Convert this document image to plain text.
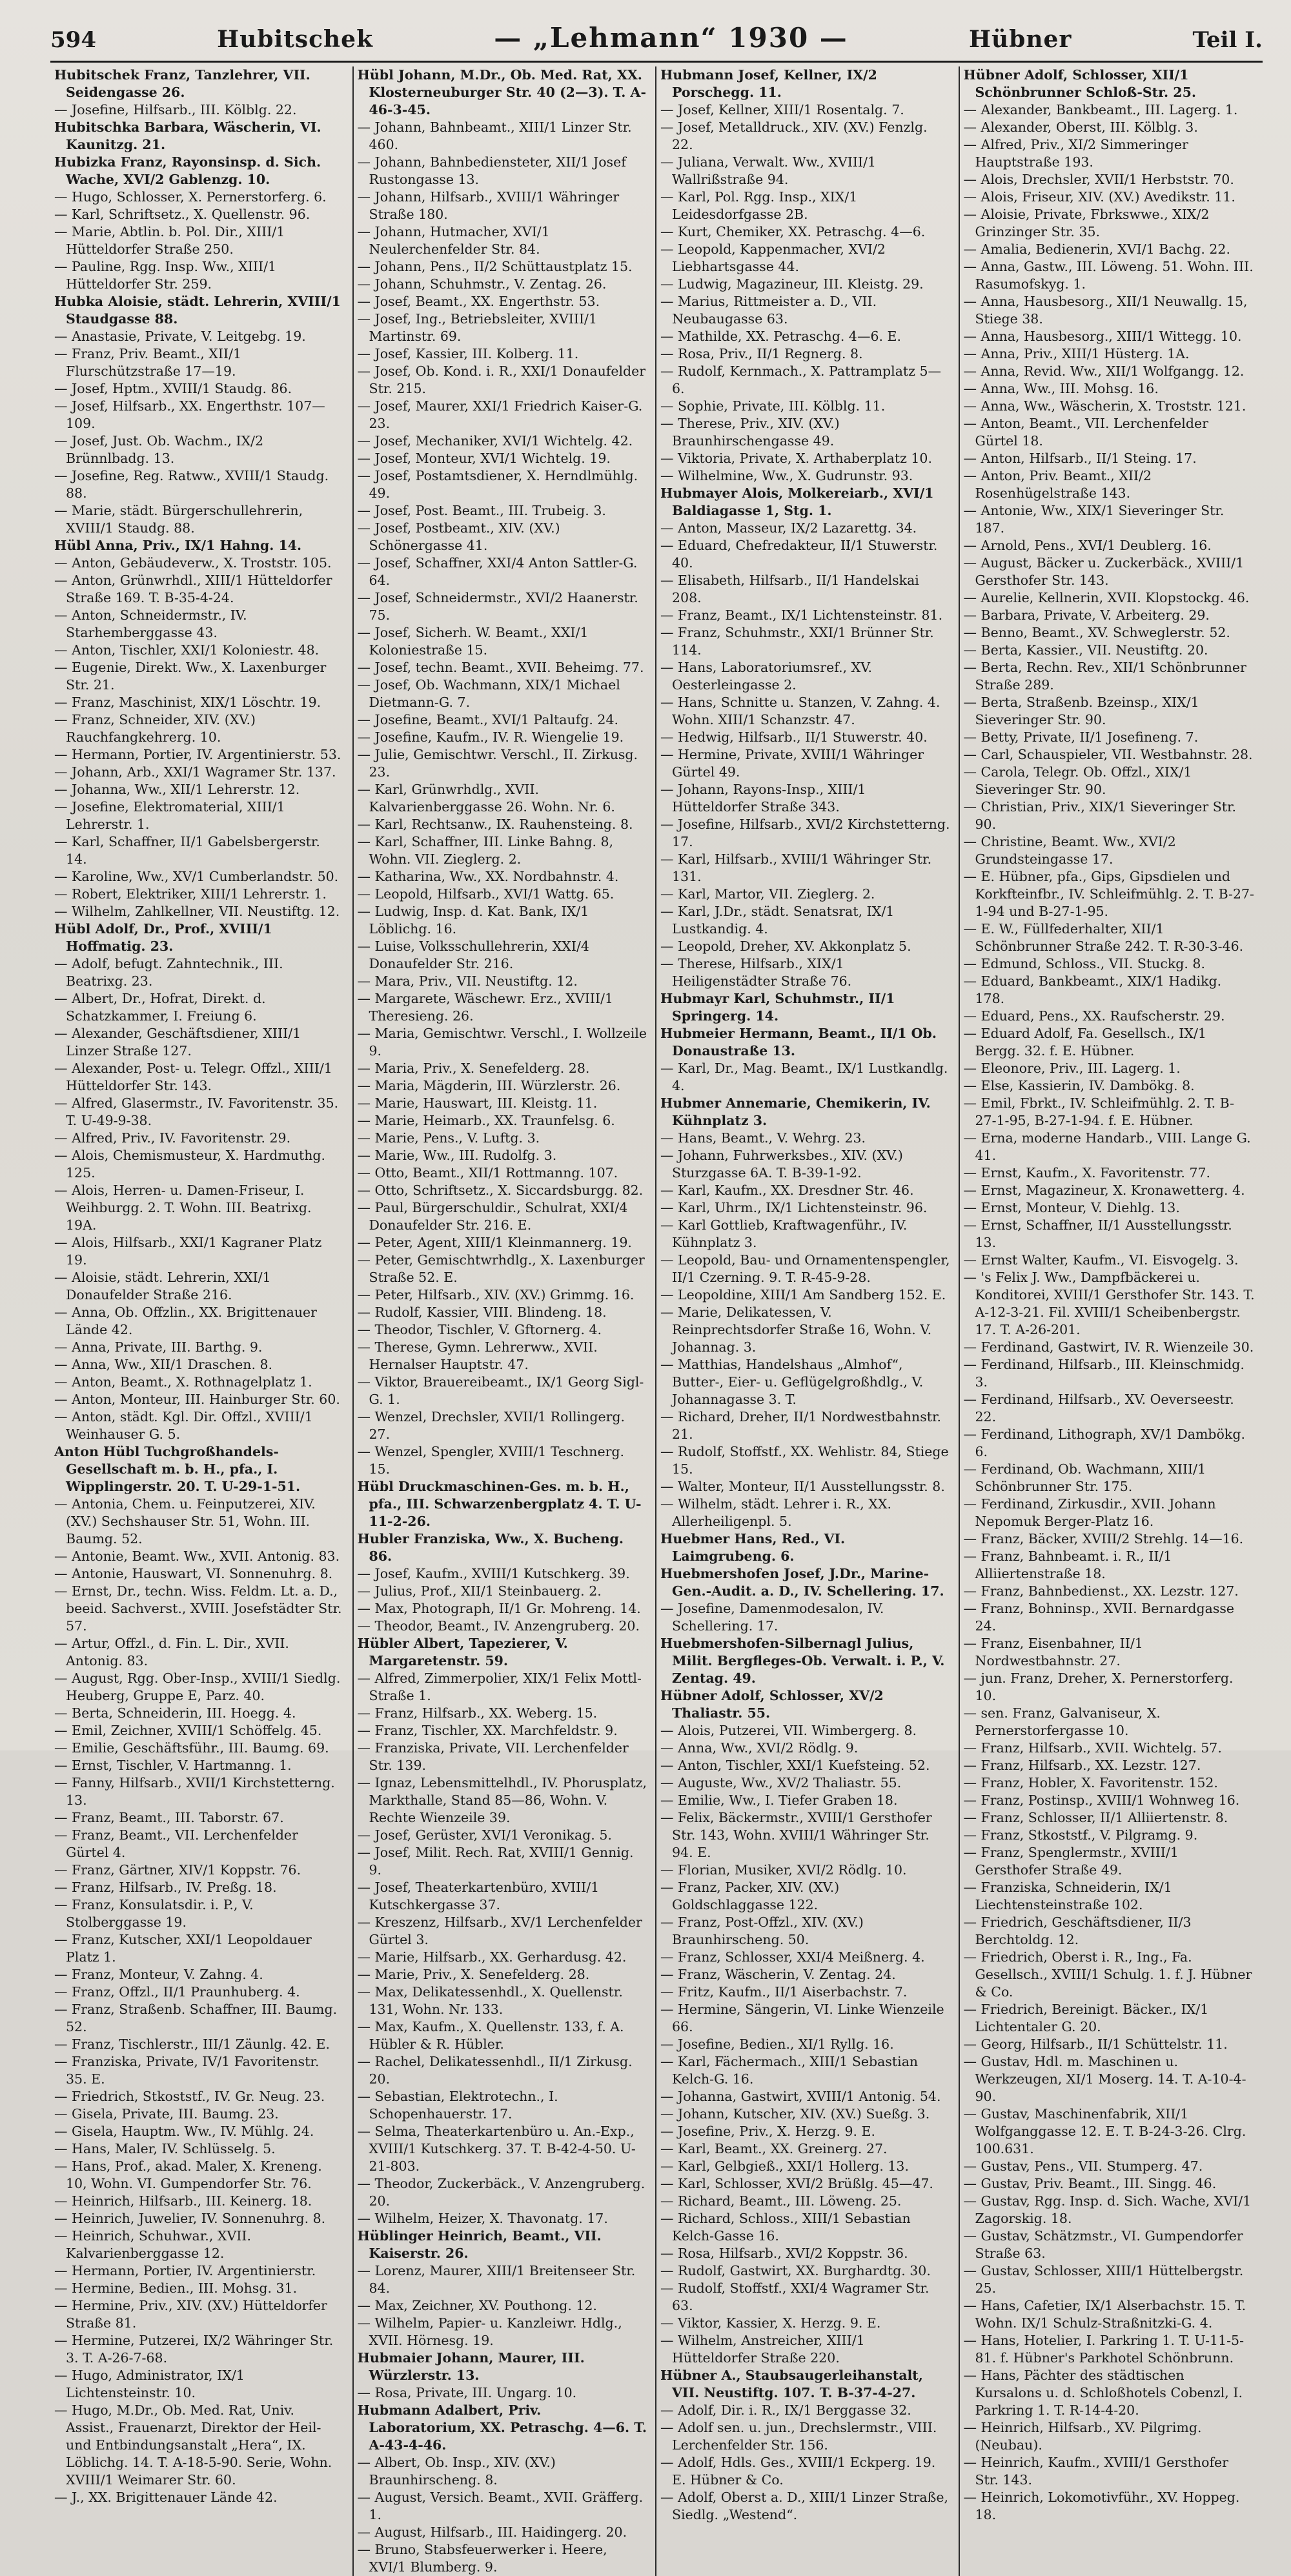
594	Hubitschek	— „Lehmann“ 1930 —	Hübner	Teil I.

Hubitschek Franz, Tanzlehrer, VII. Seidengasse 26.

— Josefine, Hilfsarb., III. Kölblg. 22.

Hubitschka Barbara, Wäscherin, VI. Kaunitzg. 21.

Hubizka Franz, Rayonsinsp. d. Sich. Wache, XVI/2 Gablenzg. 10.

— Hugo, Schlosser, X. Pernerstorferg. 6.

— Karl, Schriftsetz., X. Quellenstr. 96.

— Marie, Abtlin. b. Pol. Dir., XIII/1 Hütteldorfer Straße 250.

— Pauline, Rgg. Insp. Ww., XIII/1 Hütteldorfer Str. 259.

Hubka Aloisie, städt. Lehrerin, XVIII/1 Staudgasse 88.

— Anastasie, Private, V. Leitgebg. 19.

— Franz, Priv. Beamt., XII/1 Flurschützstraße 17—19.

— Josef, Hptm., XVIII/1 Staudg. 86.

— Josef, Hilfsarb., XX. Engerthstr. 107—109.

— Josef, Just. Ob. Wachm., IX/2 Brünnlbadg. 13.

— Josefine, Reg. Ratww., XVIII/1 Staudg. 88.

— Marie, städt. Bürgerschullehrerin, XVIII/1 Staudg. 88.

Hübl Anna, Priv., IX/1 Hahng. 14.

— Anton, Gebäudeverw., X. Troststr. 105.

— Anton, Grünwrhdl., XIII/1 Hütteldorfer Straße 169. T. B-35-4-24.

— Anton, Schneidermstr., IV. Starhemberggasse 43.

— Anton, Tischler, XXI/1 Koloniestr. 48.

— Eugenie, Direkt. Ww., X. Laxenburger Str. 21.

— Franz, Maschinist, XIX/1 Löschtr. 19.

— Franz, Schneider, XIV. (XV.) Rauchfangkehrerg. 10.

— Hermann, Portier, IV. Argentinierstr. 53.

— Johann, Arb., XXI/1 Wagramer Str. 137.

— Johanna, Ww., XII/1 Lehrerstr. 12.

— Josefine, Elektromaterial, XIII/1 Lehrerstr. 1.

— Karl, Schaffner, II/1 Gabelsbergerstr. 14.

— Karoline, Ww., XV/1 Cumberlandstr. 50.

— Robert, Elektriker, XIII/1 Lehrerstr. 1.

— Wilhelm, Zahlkellner, VII. Neustiftg. 12.

Hübl Adolf, Dr., Prof., XVIII/1 Hoffmatig. 23.

— Adolf, befugt. Zahntechnik., III. Beatrixg. 23.

— Albert, Dr., Hofrat, Direkt. d. Schatzkammer, I. Freiung 6.

— Alexander, Geschäftsdiener, XIII/1 Linzer Straße 127.

— Alexander, Post- u. Telegr. Offzl., XIII/1 Hütteldorfer Str. 143.

— Alfred, Glasermstr., IV. Favoritenstr. 35. T. U-49-9-38.

— Alfred, Priv., IV. Favoritenstr. 29.

— Alois, Chemismusteur, X. Hardmuthg. 125.

— Alois, Herren- u. Damen-Friseur, I. Weihburgg. 2. T. Wohn. III. Beatrixg. 19A.

— Alois, Hilfsarb., XXI/1 Kagraner Platz 19.

— Aloisie, städt. Lehrerin, XXI/1 Donaufelder Straße 216.

— Anna, Ob. Offzlin., XX. Brigittenauer Lände 42.

— Anna, Private, III. Barthg. 9.

— Anna, Ww., XII/1 Draschen. 8.

— Anton, Beamt., X. Rothnagelplatz 1.

— Anton, Monteur, III. Hainburger Str. 60.

— Anton, städt. Kgl. Dir. Offzl., XVIII/1 Weinhauser G. 5.

Anton Hübl Tuchgroßhandels-Gesellschaft m. b. H., pfa., I. Wipplingerstr. 20. T. U-29-1-51.

— Antonia, Chem. u. Feinputzerei, XIV. (XV.) Sechshauser Str. 51, Wohn. III. Baumg. 52.

— Antonie, Beamt. Ww., XVII. Antonig. 83.

— Antonie, Hauswart, VI. Sonnenuhrg. 8.

— Ernst, Dr., techn. Wiss. Feldm. Lt. a. D., beeid. Sachverst., XVIII. Josefstädter Str. 57.

— Artur, Offzl., d. Fin. L. Dir., XVII. Antonig. 83.

— August, Rgg. Ober-Insp., XVIII/1 Siedlg. Heuberg, Gruppe E, Parz. 40.

— Berta, Schneiderin, III. Hoegg. 4.

— Emil, Zeichner, XVIII/1 Schöffelg. 45.

— Emilie, Geschäftsführ., III. Baumg. 69.

— Ernst, Tischler, V. Hartmanng. 1.

— Fanny, Hilfsarb., XVII/1 Kirchstetterng. 13.

— Franz, Beamt., III. Taborstr. 67.

— Franz, Beamt., VII. Lerchenfelder Gürtel 4.

— Franz, Gärtner, XIV/1 Koppstr. 76.

— Franz, Hilfsarb., IV. Preßg. 18.

— Franz, Konsulatsdir. i. P., V. Stolberggasse 19.

— Franz, Kutscher, XXI/1 Leopoldauer Platz 1.

— Franz, Monteur, V. Zahng. 4.

— Franz, Offzl., II/1 Praunhuberg. 4.

— Franz, Straßenb. Schaffner, III. Baumg. 52.

— Franz, Tischlerstr., III/1 Zäunlg. 42. E.

— Franziska, Private, IV/1 Favoritenstr. 35. E.

— Friedrich, Stkoststf., IV. Gr. Neug. 23.

— Gisela, Private, III. Baumg. 23.

— Gisela, Hauptm. Ww., IV. Mühlg. 24.

— Hans, Maler, IV. Schlüsselg. 5.

— Hans, Prof., akad. Maler, X. Kreneng. 10, Wohn. VI. Gumpendorfer Str. 76.

— Heinrich, Hilfsarb., III. Keinerg. 18.

— Heinrich, Juwelier, IV. Sonnenuhrg. 8.

— Heinrich, Schuhwar., XVII. Kalvarienberggasse 12.

— Hermann, Portier, IV. Argentinierstr.

— Hermine, Bedien., III. Mohsg. 31.

— Hermine, Priv., XIV. (XV.) Hütteldorfer Straße 81.

— Hermine, Putzerei, IX/2 Währinger Str. 3. T. A-26-7-68.

— Hugo, Administrator, IX/1 Lichtensteinstr. 10.

— Hugo, M.Dr., Ob. Med. Rat, Univ. Assist., Frauenarzt, Direktor der Heil- und Entbindungsanstalt „Hera“, IX. Löblichg. 14. T. A-18-5-90. Serie, Wohn. XVIII/1 Weimarer Str. 60.

— J., XX. Brigittenauer Lände 42.

Hübl Johann, M.Dr., Ob. Med. Rat, XX. Klosterneuburger Str. 40 (2—3). T. A-46-3-45.

— Johann, Bahnbeamt., XIII/1 Linzer Str. 460.

— Johann, Bahnbediensteter, XII/1 Josef Rustongasse 13.

— Johann, Hilfsarb., XVIII/1 Währinger Straße 180.

— Johann, Hutmacher, XVI/1 Neulerchenfelder Str. 84.

— Johann, Pens., II/2 Schüttaustplatz 15.

— Johann, Schuhmstr., V. Zentag. 26.

— Josef, Beamt., XX. Engerthstr. 53.

— Josef, Ing., Betriebsleiter, XVIII/1 Martinstr. 69.

— Josef, Kassier, III. Kolberg. 11.

— Josef, Ob. Kond. i. R., XXI/1 Donaufelder Str. 215.

— Josef, Maurer, XXI/1 Friedrich Kaiser-G. 23.

— Josef, Mechaniker, XVI/1 Wichtelg. 42.

— Josef, Monteur, XVI/1 Wichtelg. 19.

— Josef, Postamtsdiener, X. Herndlmühlg. 49.

— Josef, Post. Beamt., III. Trubeig. 3.

— Josef, Postbeamt., XIV. (XV.) Schönergasse 41.

— Josef, Schaffner, XXI/4 Anton Sattler-G. 64.

— Josef, Schneidermstr., XVI/2 Haanerstr. 75.

— Josef, Sicherh. W. Beamt., XXI/1 Koloniestraße 15.

— Josef, techn. Beamt., XVII. Beheimg. 77.

— Josef, Ob. Wachmann, XIX/1 Michael Dietmann-G. 7.

— Josefine, Beamt., XVI/1 Paltaufg. 24.

— Josefine, Kaufm., IV. R. Wiengelie 19.

— Julie, Gemischtwr. Verschl., II. Zirkusg. 23.

— Karl, Grünwrhdlg., XVII. Kalvarienberggasse 26. Wohn. Nr. 6.

— Karl, Rechtsanw., IX. Rauhensteing. 8.

— Karl, Schaffner, III. Linke Bahng. 8, Wohn. VII. Zieglerg. 2.

— Katharina, Ww., XX. Nordbahnstr. 4.

— Leopold, Hilfsarb., XVI/1 Wattg. 65.

— Ludwig, Insp. d. Kat. Bank, IX/1 Löblichg. 16.

— Luise, Volksschullehrerin, XXI/4 Donaufelder Str. 216.

— Mara, Priv., VII. Neustiftg. 12.

— Margarete, Wäschewr. Erz., XVIII/1 Theresieng. 26.

— Maria, Gemischtwr. Verschl., I. Wollzeile 9.

— Maria, Priv., X. Senefelderg. 28.

— Maria, Mägderin, III. Würzlerstr. 26.

— Marie, Hauswart, III. Kleistg. 11.

— Marie, Heimarb., XX. Traunfelsg. 6.

— Marie, Pens., V. Luftg. 3.

— Marie, Ww., III. Rudolfg. 3.

— Otto, Beamt., XII/1 Rottmanng. 107.

— Otto, Schriftsetz., X. Siccardsburgg. 82.

— Paul, Bürgerschuldir., Schulrat, XXI/4 Donaufelder Str. 216. E.

— Peter, Agent, XIII/1 Kleinmannerg. 19.

— Peter, Gemischtwrhdlg., X. Laxenburger Straße 52. E.

— Peter, Hilfsarb., XIV. (XV.) Grimmg. 16.

— Rudolf, Kassier, VIII. Blindeng. 18.

— Theodor, Tischler, V. Gftornerg. 4.

— Therese, Gymn. Lehrerww., XVII. Hernalser Hauptstr. 47.

— Viktor, Brauereibeamt., IX/1 Georg Sigl-G. 1.

— Wenzel, Drechsler, XVII/1 Rollingerg. 27.

— Wenzel, Spengler, XVIII/1 Teschnerg. 15.

Hübl Druckmaschinen-Ges. m. b. H., pfa., III. Schwarzenbergplatz 4. T. U-11-2-26.

Hubler Franziska, Ww., X. Bucheng. 86.

— Josef, Kaufm., XVIII/1 Kutschkerg. 39.

— Julius, Prof., XII/1 Steinbauerg. 2.

— Max, Photograph, II/1 Gr. Mohreng. 14.

— Theodor, Beamt., IV. Anzengruberg. 20.

Hübler Albert, Tapezierer, V. Margaretenstr. 59.

— Alfred, Zimmerpolier, XIX/1 Felix Mottl-Straße 1.

— Franz, Hilfsarb., XX. Weberg. 15.

— Franz, Tischler, XX. Marchfeldstr. 9.

— Franziska, Private, VII. Lerchenfelder Str. 139.

— Ignaz, Lebensmittelhdl., IV. Phorusplatz, Markthalle, Stand 85—86, Wohn. V. Rechte Wienzeile 39.

— Josef, Gerüster, XVI/1 Veronikag. 5.

— Josef, Milit. Rech. Rat, XVIII/1 Gennig. 9.

— Josef, Theaterkartenbüro, XVIII/1 Kutschkergasse 37.

— Kreszenz, Hilfsarb., XV/1 Lerchenfelder Gürtel 3.

— Marie, Hilfsarb., XX. Gerhardusg. 42.

— Marie, Priv., X. Senefelderg. 28.

— Max, Delikatessenhdl., X. Quellenstr. 131, Wohn. Nr. 133.

— Max, Kaufm., X. Quellenstr. 133, f. A. Hübler & R. Hübler.

— Rachel, Delikatessenhdl., II/1 Zirkusg. 20.

— Sebastian, Elektrotechn., I. Schopenhauerstr. 17.

— Selma, Theaterkartenbüro u. An.-Exp., XVIII/1 Kutschkerg. 37. T. B-42-4-50. U-21-803.

— Theodor, Zuckerbäck., V. Anzengruberg. 20.

— Wilhelm, Heizer, X. Thavonatg. 17.

Hüblinger Heinrich, Beamt., VII. Kaiserstr. 26.

— Lorenz, Maurer, XIII/1 Breitenseer Str. 84.

— Max, Zeichner, XV. Pouthong. 12.

— Wilhelm, Papier- u. Kanzleiwr. Hdlg., XVII. Hörnesg. 19.

Hubmaier Johann, Maurer, III. Würzlerstr. 13.

— Rosa, Private, III. Ungarg. 10.

Hubmann Adalbert, Priv. Laboratorium, XX. Petraschg. 4—6. T. A-43-4-46.

— Albert, Ob. Insp., XIV. (XV.) Braunhirscheng. 8.

— August, Versich. Beamt., XVII. Gräfferg. 1.

— August, Hilfsarb., III. Haidingerg. 20.

— Bruno, Stabsfeuerwerker i. Heere, XVI/1 Blumberg. 9.

Hubmann Josef, Kellner, IX/2 Porschegg. 11.

— Josef, Kellner, XIII/1 Rosentalg. 7.

— Josef, Metalldruck., XIV. (XV.) Fenzlg. 22.

— Juliana, Verwalt. Ww., XVIII/1 Wallrißstraße 94.

— Karl, Pol. Rgg. Insp., XIX/1 Leidesdorfgasse 2B.

— Kurt, Chemiker, XX. Petraschg. 4—6.

— Leopold, Kappenmacher, XVI/2 Liebhartsgasse 44.

— Ludwig, Magazineur, III. Kleistg. 29.

— Marius, Rittmeister a. D., VII. Neubaugasse 63.

— Mathilde, XX. Petraschg. 4—6. E.

— Rosa, Priv., II/1 Regnerg. 8.

— Rudolf, Kernmach., X. Pattramplatz 5—6.

— Sophie, Private, III. Kölblg. 11.

— Therese, Priv., XIV. (XV.) Braunhirschengasse 49.

— Viktoria, Private, X. Arthaberplatz 10.

— Wilhelmine, Ww., X. Gudrunstr. 93.

Hubmayer Alois, Molkereiarb., XVI/1 Baldiagasse 1, Stg. 1.

— Anton, Masseur, IX/2 Lazarettg. 34.

— Eduard, Chefredakteur, II/1 Stuwerstr. 40.

— Elisabeth, Hilfsarb., II/1 Handelskai 208.

— Franz, Beamt., IX/1 Lichtensteinstr. 81.

— Franz, Schuhmstr., XXI/1 Brünner Str. 114.

— Hans, Laboratoriumsref., XV. Oesterleingasse 2.

— Hans, Schnitte u. Stanzen, V. Zahng. 4. Wohn. XIII/1 Schanzstr. 47.

— Hedwig, Hilfsarb., II/1 Stuwerstr. 40.

— Hermine, Private, XVIII/1 Währinger Gürtel 49.

— Johann, Rayons-Insp., XIII/1 Hütteldorfer Straße 343.

— Josefine, Hilfsarb., XVI/2 Kirchstetterng. 17.

— Karl, Hilfsarb., XVIII/1 Währinger Str. 131.

— Karl, Martor, VII. Zieglerg. 2.

— Karl, J.Dr., städt. Senatsrat, IX/1 Lustkandig. 4.

— Leopold, Dreher, XV. Akkonplatz 5.

— Therese, Hilfsarb., XIX/1 Heiligenstädter Straße 76.

Hubmayr Karl, Schuhmstr., II/1 Springerg. 14.

Hubmeier Hermann, Beamt., II/1 Ob. Donaustraße 13.

— Karl, Dr., Mag. Beamt., IX/1 Lustkandlg. 4.

Hubmer Annemarie, Chemikerin, IV. Kühnplatz 3.

— Hans, Beamt., V. Wehrg. 23.

— Johann, Fuhrwerksbes., XIV. (XV.) Sturzgasse 6A. T. B-39-1-92.

— Karl, Kaufm., XX. Dresdner Str. 46.

— Karl, Uhrm., IX/1 Lichtensteinstr. 96.

— Karl Gottlieb, Kraftwagenführ., IV. Kühnplatz 3.

— Leopold, Bau- und Ornamentenspengler, II/1 Czerning. 9. T. R-45-9-28.

— Leopoldine, XIII/1 Am Sandberg 152. E.

— Marie, Delikatessen, V. Reinprechtsdorfer Straße 16, Wohn. V. Johannag. 3.

— Matthias, Handelshaus „Almhof“, Butter-, Eier- u. Geflügelgroßhdlg., V. Johannagasse 3. T.

— Richard, Dreher, II/1 Nordwestbahnstr. 21.

— Rudolf, Stoffstf., XX. Wehlistr. 84, Stiege 15.

— Walter, Monteur, II/1 Ausstellungsstr. 8.

— Wilhelm, städt. Lehrer i. R., XX. Allerheiligenpl. 5.

Huebmer Hans, Red., VI. Laimgrubeng. 6.

Huebmershofen Josef, J.Dr., Marine-Gen.-Audit. a. D., IV. Schellering. 17.

— Josefine, Damenmodesalon, IV. Schellering. 17.

Huebmershofen-Silbernagl Julius, Milit. Bergfleges-Ob. Verwalt. i. P., V. Zentag. 49.

Hübner Adolf, Schlosser, XV/2 Thaliastr. 55.

— Alois, Putzerei, VII. Wimbergerg. 8.

— Anna, Ww., XVI/2 Rödlg. 9.

— Anton, Tischler, XXI/1 Kuefsteing. 52.

— Auguste, Ww., XV/2 Thaliastr. 55.

— Emilie, Ww., I. Tiefer Graben 18.

— Felix, Bäckermstr., XVIII/1 Gersthofer Str. 143, Wohn. XVIII/1 Währinger Str. 94. E.

— Florian, Musiker, XVI/2 Rödlg. 10.

— Franz, Packer, XIV. (XV.) Goldschlaggasse 122.

— Franz, Post-Offzl., XIV. (XV.) Braunhirscheng. 50.

— Franz, Schlosser, XXI/4 Meißnerg. 4.

— Franz, Wäscherin, V. Zentag. 24.

— Fritz, Kaufm., II/1 Aiserbachstr. 7.

— Hermine, Sängerin, VI. Linke Wienzeile 66.

— Josefine, Bedien., XI/1 Ryllg. 16.

— Karl, Fächermach., XIII/1 Sebastian Kelch-G. 16.

— Johanna, Gastwirt, XVIII/1 Antonig. 54.

— Johann, Kutscher, XIV. (XV.) Sueßg. 3.

— Josefine, Priv., X. Herzg. 9. E.

— Karl, Beamt., XX. Greinerg. 27.

— Karl, Gelbgieß., XXI/1 Hollerg. 13.

— Karl, Schlosser, XVI/2 Brüßlg. 45—47.

— Richard, Beamt., III. Löweng. 25.

— Richard, Schloss., XIII/1 Sebastian Kelch-Gasse 16.

— Rosa, Hilfsarb., XVI/2 Koppstr. 36.

— Rudolf, Gastwirt, XX. Burghardtg. 30.

— Rudolf, Stoffstf., XXI/4 Wagramer Str. 63.

— Viktor, Kassier, X. Herzg. 9. E.

— Wilhelm, Anstreicher, XIII/1 Hütteldorfer Straße 220.

Hübner A., Staubsaugerleihanstalt, VII. Neustiftg. 107. T. B-37-4-27.

— Adolf, Dir. i. R., IX/1 Berggasse 32.

— Adolf sen. u. jun., Drechslermstr., VIII. Lerchenfelder Str. 156.

— Adolf, Hdls. Ges., XVIII/1 Eckperg. 19. E. Hübner & Co.

— Adolf, Oberst a. D., XIII/1 Linzer Straße, Siedlg. „Westend“.

Hübner Adolf, Schlosser, XII/1 Schönbrunner Schloß-Str. 25.

— Alexander, Bankbeamt., III. Lagerg. 1.

— Alexander, Oberst, III. Kölblg. 3.

— Alfred, Priv., XI/2 Simmeringer Hauptstraße 193.

— Alois, Drechsler, XVII/1 Herbststr. 70.

— Alois, Friseur, XIV. (XV.) Avedikstr. 11.

— Aloisie, Private, Fbrkswwe., XIX/2 Grinzinger Str. 35.

— Amalia, Bedienerin, XVI/1 Bachg. 22.

— Anna, Gastw., III. Löweng. 51. Wohn. III. Rasumofskyg. 1.

— Anna, Hausbesorg., XII/1 Neuwallg. 15, Stiege 38.

— Anna, Hausbesorg., XIII/1 Wittegg. 10.

— Anna, Priv., XIII/1 Hüsterg. 1A.

— Anna, Revid. Ww., XII/1 Wolfgangg. 12.

— Anna, Ww., III. Mohsg. 16.

— Anna, Ww., Wäscherin, X. Troststr. 121.

— Anton, Beamt., VII. Lerchenfelder Gürtel 18.

— Anton, Hilfsarb., II/1 Steing. 17.

— Anton, Priv. Beamt., XII/2 Rosenhügelstraße 143.

— Antonie, Ww., XIX/1 Sieveringer Str. 187.

— Arnold, Pens., XVI/1 Deublerg. 16.

— August, Bäcker u. Zuckerbäck., XVIII/1 Gersthofer Str. 143.

— Aurelie, Kellnerin, XVII. Klopstockg. 46.

— Barbara, Private, V. Arbeiterg. 29.

— Benno, Beamt., XV. Schweglerstr. 52.

— Berta, Kassier., VII. Neustiftg. 20.

— Berta, Rechn. Rev., XII/1 Schönbrunner Straße 289.

— Berta, Straßenb. Bzeinsp., XIX/1 Sieveringer Str. 90.

— Betty, Private, II/1 Josefineng. 7.

— Carl, Schauspieler, VII. Westbahnstr. 28.

— Carola, Telegr. Ob. Offzl., XIX/1 Sieveringer Str. 90.

— Christian, Priv., XIX/1 Sieveringer Str. 90.

— Christine, Beamt. Ww., XVI/2 Grundsteingasse 17.

— E. Hübner, pfa., Gips, Gipsdielen und Korkfteinfbr., IV. Schleifmühlg. 2. T. B-27-1-94 und B-27-1-95.

— E. W., Füllfederhalter, XII/1 Schönbrunner Straße 242. T. R-30-3-46.

— Edmund, Schloss., VII. Stuckg. 8.

— Eduard, Bankbeamt., XIX/1 Hadikg. 178.

— Eduard, Pens., XX. Raufscherstr. 29.

— Eduard Adolf, Fa. Gesellsch., IX/1 Bergg. 32. f. E. Hübner.

— Eleonore, Priv., III. Lagerg. 1.

— Else, Kassierin, IV. Dambökg. 8.

— Emil, Fbrkt., IV. Schleifmühlg. 2. T. B-27-1-95, B-27-1-94. f. E. Hübner.

— Erna, moderne Handarb., VIII. Lange G. 41.

— Ernst, Kaufm., X. Favoritenstr. 77.

— Ernst, Magazineur, X. Kronawetterg. 4.

— Ernst, Monteur, V. Diehlg. 13.

— Ernst, Schaffner, II/1 Ausstellungsstr. 13.

— Ernst Walter, Kaufm., VI. Eisvogelg. 3.

— 's Felix J. Ww., Dampfbäckerei u. Konditorei, XVIII/1 Gersthofer Str. 143. T. A-12-3-21. Fil. XVIII/1 Scheibenbergstr. 17. T. A-26-201.

— Ferdinand, Gastwirt, IV. R. Wienzeile 30.

— Ferdinand, Hilfsarb., III. Kleinschmidg. 3.

— Ferdinand, Hilfsarb., XV. Oeverseestr. 22.

— Ferdinand, Lithograph, XV/1 Dambökg. 6.

— Ferdinand, Ob. Wachmann, XIII/1 Schönbrunner Str. 175.

— Ferdinand, Zirkusdir., XVII. Johann Nepomuk Berger-Platz 16.

— Franz, Bäcker, XVIII/2 Strehlg. 14—16.

— Franz, Bahnbeamt. i. R., II/1 Alliiertenstraße 18.

— Franz, Bahnbedienst., XX. Lezstr. 127.

— Franz, Bohninsp., XVII. Bernardgasse 24.

— Franz, Eisenbahner, II/1 Nordwestbahnstr. 27.

— jun. Franz, Dreher, X. Pernerstorferg. 10.

— sen. Franz, Galvaniseur, X. Pernerstorfergasse 10.

— Franz, Hilfsarb., XVII. Wichtelg. 57.

— Franz, Hilfsarb., XX. Lezstr. 127.

— Franz, Hobler, X. Favoritenstr. 152.

— Franz, Postinsp., XVIII/1 Wohnweg 16.

— Franz, Schlosser, II/1 Alliiertenstr. 8.

— Franz, Stkoststf., V. Pilgramg. 9.

— Franz, Spenglermstr., XVIII/1 Gersthofer Straße 49.

— Franziska, Schneiderin, IX/1 Liechtensteinstraße 102.

— Friedrich, Geschäftsdiener, II/3 Berchtoldg. 12.

— Friedrich, Oberst i. R., Ing., Fa. Gesellsch., XVIII/1 Schulg. 1. f. J. Hübner & Co.

— Friedrich, Bereinigt. Bäcker., IX/1 Lichtentaler G. 20.

— Georg, Hilfsarb., II/1 Schüttelstr. 11.

— Gustav, Hdl. m. Maschinen u. Werkzeugen, XI/1 Moserg. 14. T. A-10-4-90.

— Gustav, Maschinenfabrik, XII/1 Wolfganggasse 12. E. T. B-24-3-26. Clrg. 100.631.

— Gustav, Pens., VII. Stumperg. 47.

— Gustav, Priv. Beamt., III. Singg. 46.

— Gustav, Rgg. Insp. d. Sich. Wache, XVI/1 Zagorskig. 18.

— Gustav, Schätzmstr., VI. Gumpendorfer Straße 63.

— Gustav, Schlosser, XIII/1 Hüttelbergstr. 25.

— Hans, Cafetier, IX/1 Alserbachstr. 15. T. Wohn. IX/1 Schulz-Straßnitzki-G. 4.

— Hans, Hotelier, I. Parkring 1. T. U-11-5-81. f. Hübner's Parkhotel Schönbrunn.

— Hans, Pächter des städtischen Kursalons u. d. Schloßhotels Cobenzl, I. Parkring 1. T. R-14-4-20.

— Heinrich, Hilfsarb., XV. Pilgrimg. (Neubau).

— Heinrich, Kaufm., XVIII/1 Gersthofer Str. 143.

— Heinrich, Lokomotivführ., XV. Hoppeg. 18.
